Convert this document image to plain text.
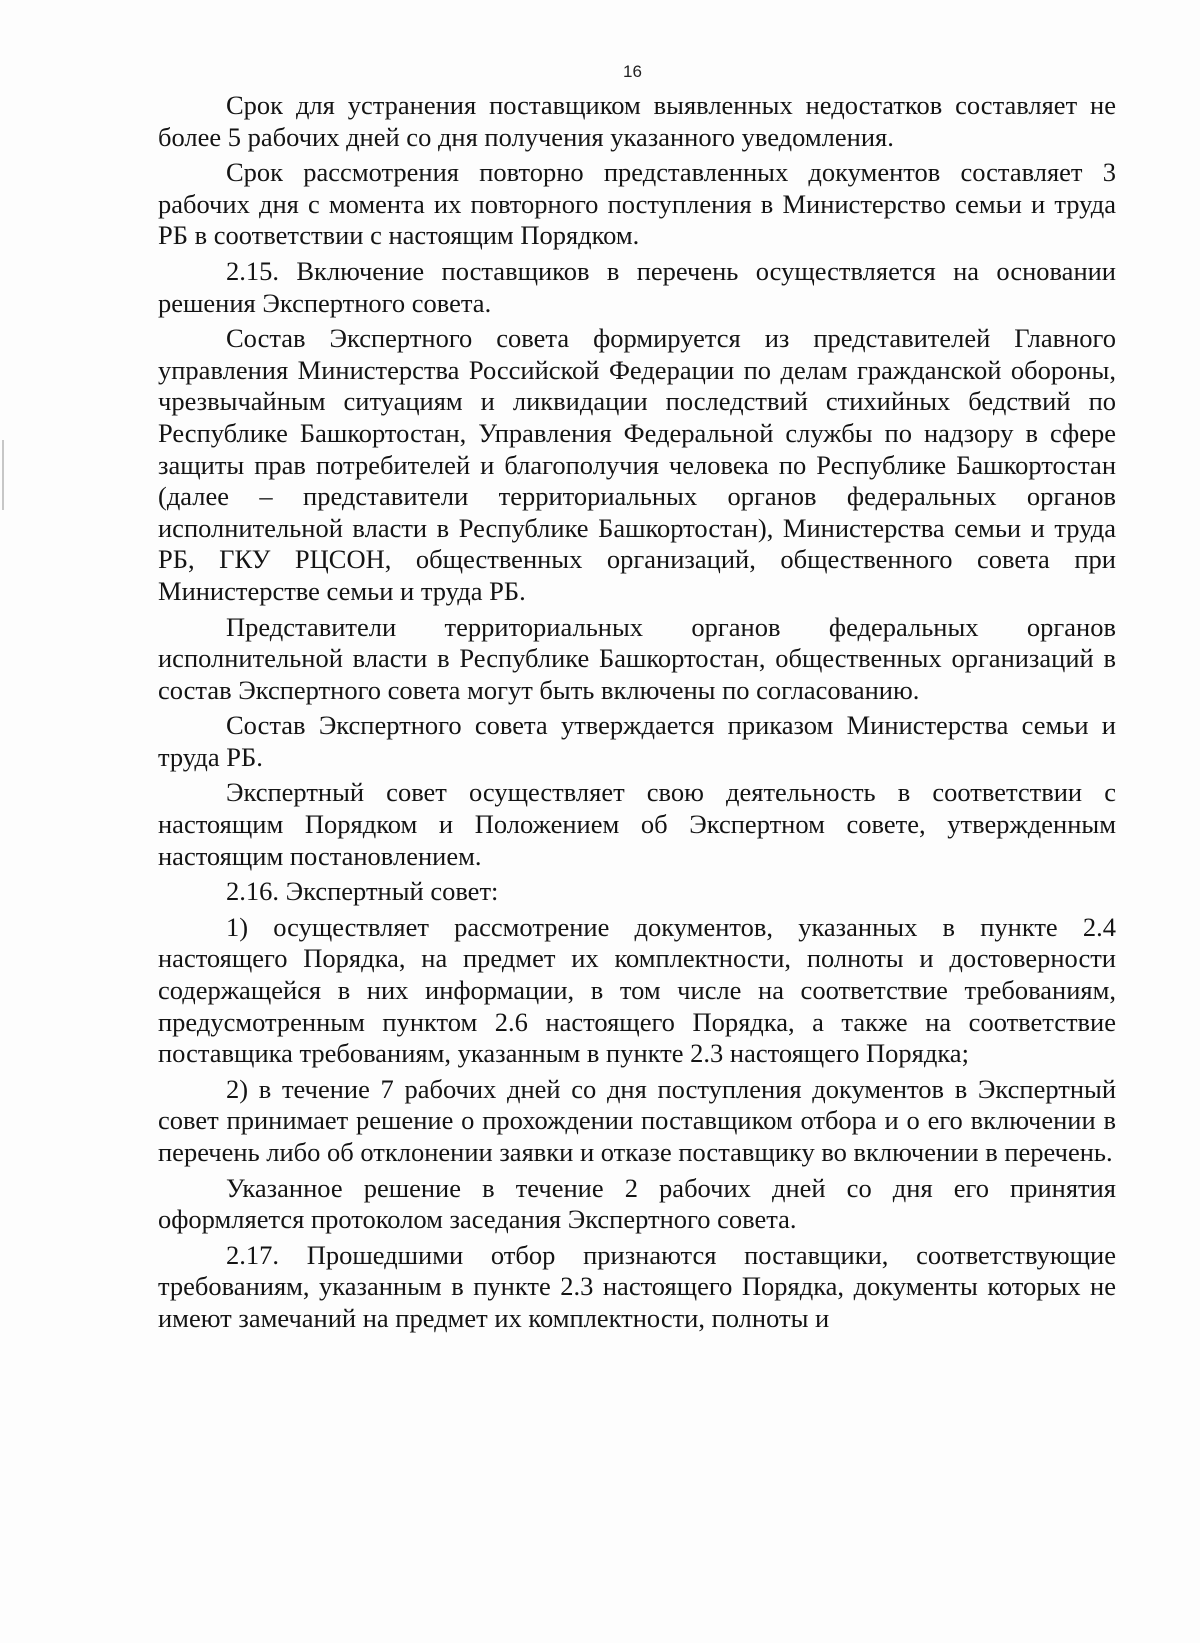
16

Срок для устранения поставщиком выявленных недостатков составляет не более 5 рабочих дней со дня получения указанного уведомления.

Срок рассмотрения повторно представленных документов составляет 3 рабочих дня с момента их повторного поступления в Министерство семьи и труда РБ в соответствии с настоящим Порядком.

2.15. Включение поставщиков в перечень осуществляется на основании решения Экспертного совета.

Состав Экспертного совета формируется из представителей Главного управления Министерства Российской Федерации по делам гражданской обороны, чрезвычайным ситуациям и ликвидации последствий стихийных бедствий по Республике Башкортостан, Управления Федеральной службы по надзору в сфере защиты прав потребителей и благополучия человека по Республике Башкортостан (далее – представители территориальных органов федеральных органов исполнительной власти в Республике Башкортостан), Министерства семьи и труда РБ, ГКУ РЦСОН, общественных организаций, общественного совета при Министерстве семьи и труда РБ.

Представители территориальных органов федеральных органов исполнительной власти в Республике Башкортостан, общественных организаций в состав Экспертного совета могут быть включены по согласованию.

Состав Экспертного совета утверждается приказом Министерства семьи и труда РБ.

Экспертный совет осуществляет свою деятельность в соответствии с настоящим Порядком и Положением об Экспертном совете, утвержденным настоящим постановлением.

2.16. Экспертный совет:

1) осуществляет рассмотрение документов, указанных в пункте 2.4 настоящего Порядка, на предмет их комплектности, полноты и достоверности содержащейся в них информации, в том числе на соответствие требованиям, предусмотренным пунктом 2.6 настоящего Порядка, а также на соответствие поставщика требованиям, указанным в пункте 2.3 настоящего Порядка;

2) в течение 7 рабочих дней со дня поступления документов в Экспертный совет принимает решение о прохождении поставщиком отбора и о его включении в перечень либо об отклонении заявки и отказе поставщику во включении в перечень.

Указанное решение в течение 2 рабочих дней со дня его принятия оформляется протоколом заседания Экспертного совета.

2.17. Прошедшими отбор признаются поставщики, соответствующие требованиям, указанным в пункте 2.3 настоящего Порядка, документы которых не имеют замечаний на предмет их комплектности, полноты и
